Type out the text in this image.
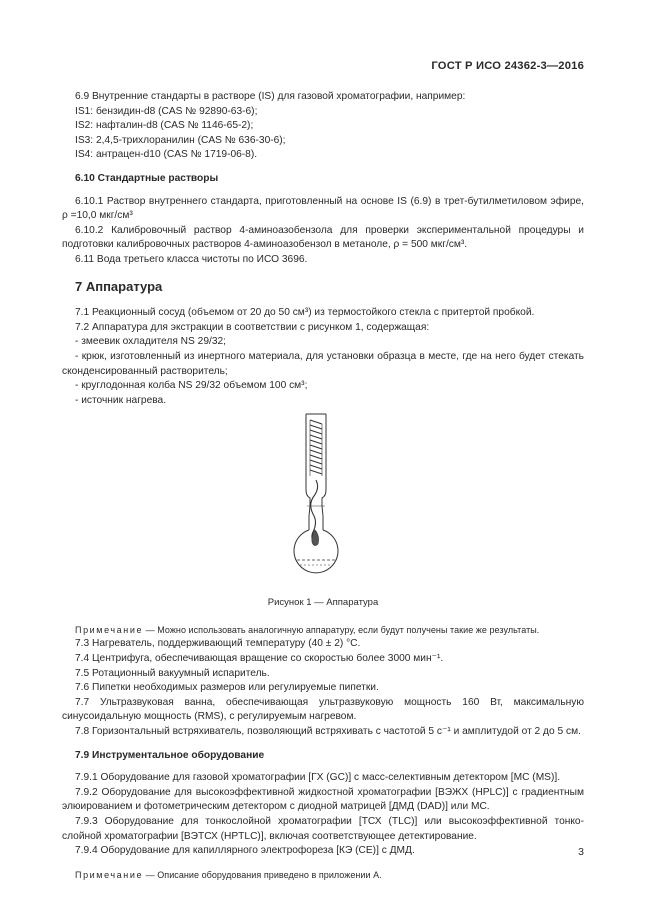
ГОСТ Р ИСО 24362-3—2016

6.9 Внутренние стандарты в растворе (IS) для газовой хроматографии, например:

IS1: бензидин-d8 (CAS № 92890-63-6);

IS2: нафталин-d8 (CAS № 1146-65-2);

IS3: 2,4,5-трихлоранилин (CAS № 636-30-6);

IS4: антрацен-d10 (CAS № 1719-06-8).

6.10 Стандартные растворы

6.10.1 Раствор внутреннего стандарта, приготовленный на основе IS (6.9) в трет-бутилметиловом эфире, ρ =10,0 мкг/см³

6.10.2 Калибровочный раствор 4-аминоазобензола для проверки экспериментальной процедуры и подготовки калибровочных растворов 4-аминоазобензол в метаноле, ρ = 500 мкг/см³.

6.11 Вода третьего класса чистоты по ИСО 3696.

7 Аппаратура

7.1 Реакционный сосуд (объемом от 20 до 50 см³) из термостойкого стекла с притертой пробкой.

7.2 Аппаратура для экстракции в соответствии с рисунком 1, содержащая:

- змеевик охладителя NS 29/32;

- крюк, изготовленный из инертного материала, для установки образца в месте, где на него будет стекать сконденсированный растворитель;

- круглодонная колба NS 29/32 объемом 100 см³;

- источник нагрева.

Рисунок 1 — Аппаратура

Примечание — Можно использовать аналогичную аппаратуру, если будут получены такие же результаты.

7.3 Нагреватель, поддерживающий температуру (40 ± 2) °С.

7.4 Центрифуга, обеспечивающая вращение со скоростью более 3000 мин⁻¹.

7.5 Ротационный вакуумный испаритель.

7.6 Пипетки необходимых размеров или регулируемые пипетки.

7.7 Ультразвуковая ванна, обеспечивающая ультразвуковую мощность 160 Вт, максимальную синусоидальную мощность (RMS), с регулируемым нагревом.

7.8 Горизонтальный встряхиватель, позволяющий встряхивать с частотой 5 с⁻¹ и амплитудой от 2 до 5 см.

7.9 Инструментальное оборудование

7.9.1 Оборудование для газовой хроматографии [ГХ (GC)] с масс-селективным детектором [МС (MS)].

7.9.2 Оборудование для высокоэффективной жидкостной хроматографии [ВЭЖХ (HPLC)] с градиентным элюированием и фотометрическим детектором с диодной матрицей [ДМД (DAD)] или МС.

7.9.3 Оборудование для тонкослойной хроматографии [ТСХ (TLC)] или высокоэффективной тонко-слойной хроматографии [ВЭТСХ (HPTLC)], включая соответствующее детектирование.

7.9.4 Оборудование для капиллярного электрофореза [КЭ (CE)] с ДМД.

Примечание — Описание оборудования приведено в приложении А.

3
